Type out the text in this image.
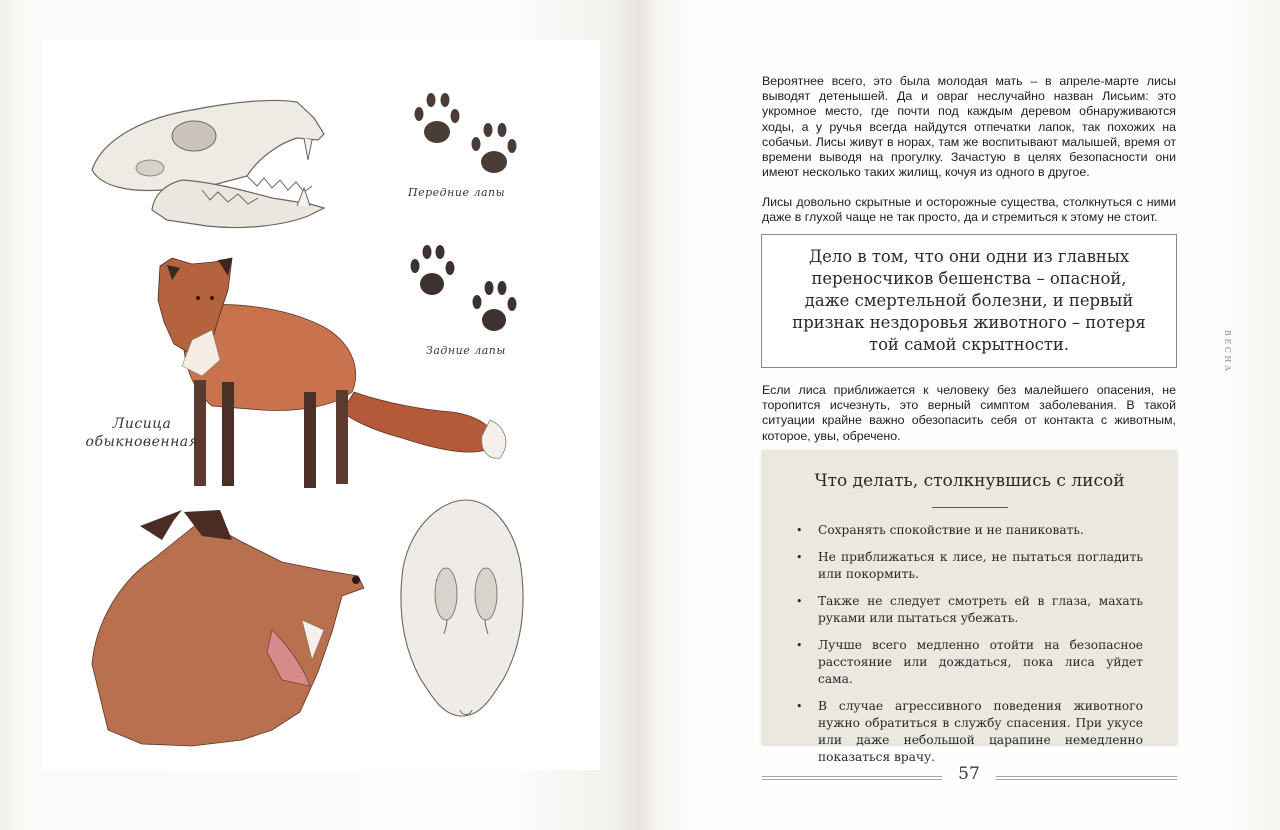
Передние лапы
Задние лапы
Лисица
обыкновенная

Вероятнее всего, это была молодая мать – в апреле-марте лисы выводят детенышей. Да и овраг неслучайно назван Лисьим: это укромное место, где почти под каждым деревом обнаруживаются ходы, а у ручья всегда найдутся отпечатки лапок, так похожих на собачьи. Лисы живут в норах, там же воспитывают малышей, время от времени выводя на прогулку. Зачастую в целях безопасности они имеют несколько таких жилищ, кочуя из одного в другое.

Лисы довольно скрытные и осторожные существа, столкнуться с ними даже в глухой чаще не так просто, да и стремиться к этому не стоит.

Дело в том, что они одни из главных переносчиков бешенства – опасной, даже смертельной болезни, и первый признак нездоровья животного – потеря той самой скрытности.

Если лиса приближается к человеку без малейшего опасения, не торопится исчезнуть, это верный симптом заболевания. В такой ситуации крайне важно обезопасить себя от контакта с животным, которое, увы, обречено.

Что делать, столкнувшись с лисой
• Сохранять спокойствие и не паниковать.
• Не приближаться к лисе, не пытаться погладить или покормить.
• Также не следует смотреть ей в глаза, махать руками или пытаться убежать.
• Лучше всего медленно отойти на безопасное расстояние или дождаться, пока лиса уйдет сама.
• В случае агрессивного поведения животного нужно обратиться в службу спасения. При укусе или даже небольшой царапине немедленно показаться врачу.
57
ВЕСНА
